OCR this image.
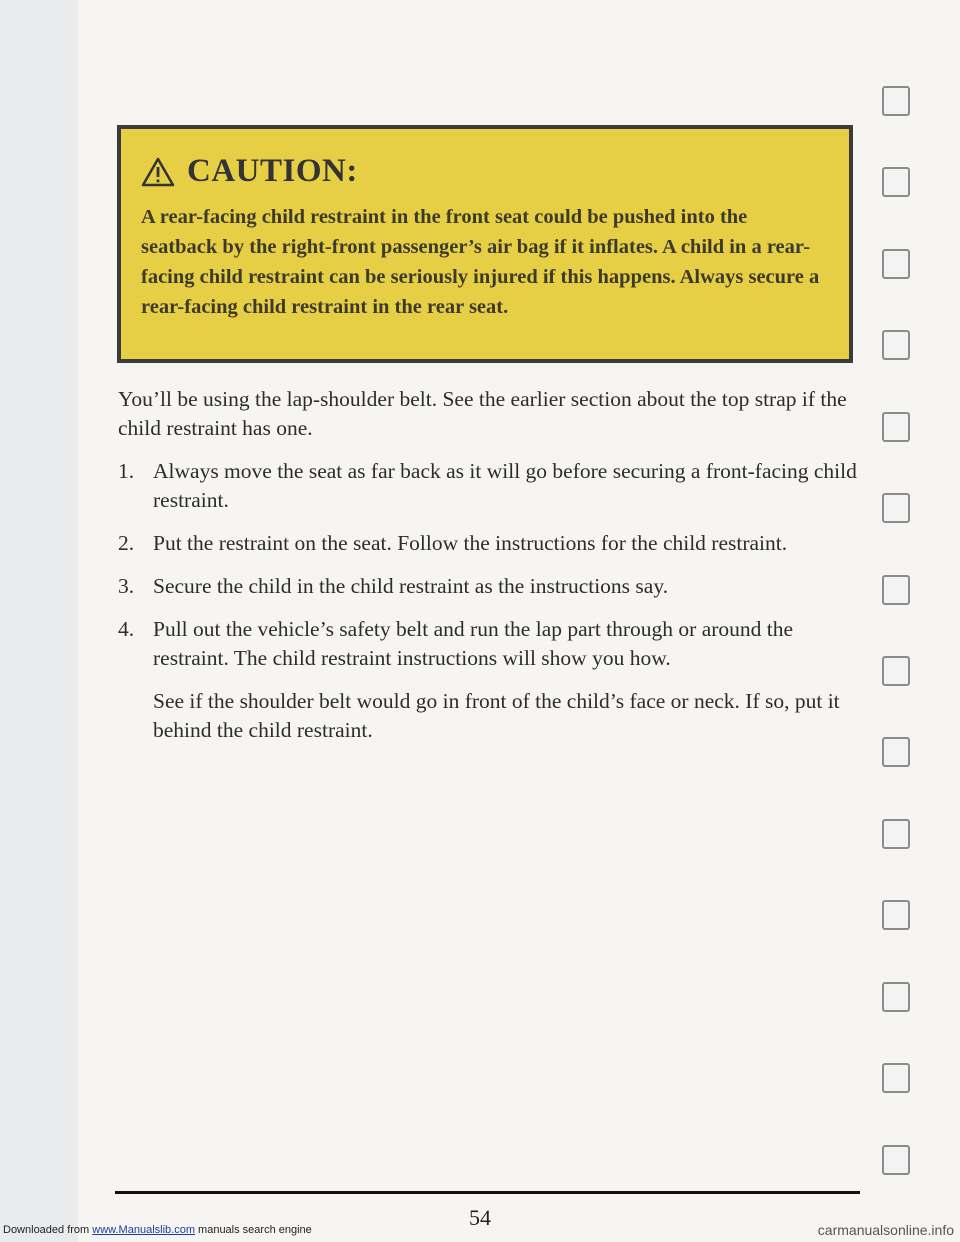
CAUTION:

A rear-facing child restraint in the front seat could be pushed into the seatback by the right-front passenger’s air bag if it inflates. A child in a rear-facing child restraint can be seriously injured if this happens. Always secure a rear-facing child restraint in the rear seat.

You’ll be using the lap-shoulder belt. See the earlier section about the top strap if the child restraint has one.

1. Always move the seat as far back as it will go before securing a front-facing child restraint.
2. Put the restraint on the seat. Follow the instructions for the child restraint.
3. Secure the child in the child restraint as the instructions say.
4. Pull out the vehicle’s safety belt and run the lap part through or around the restraint. The child restraint instructions will show you how.

See if the shoulder belt would go in front of the child’s face or neck. If so, put it behind the child restraint.

54
Downloaded from www.Manualslib.com manuals search engine	carmanualsonline.info
